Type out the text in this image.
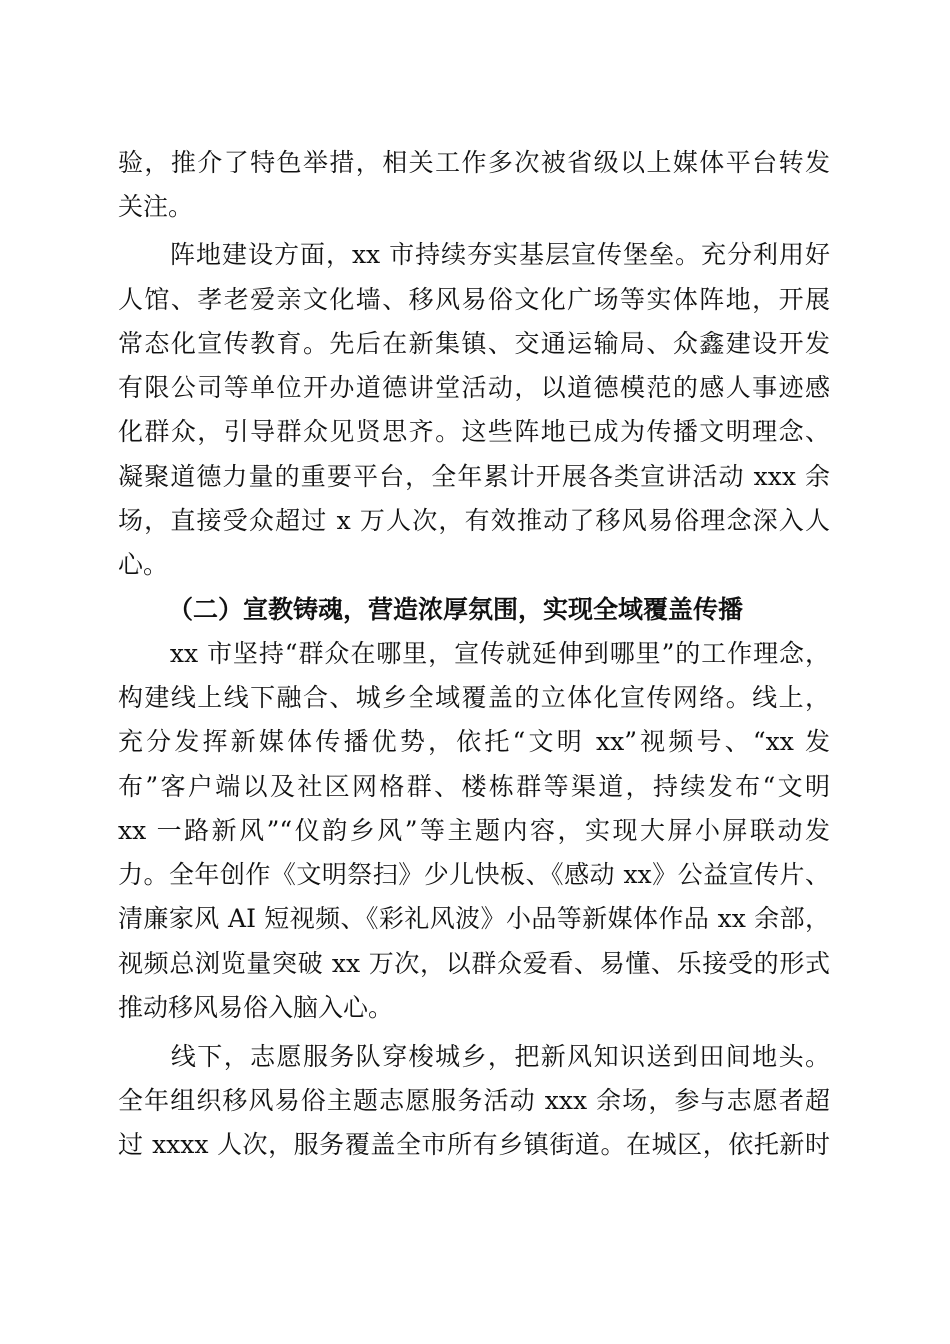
验，推介了特色举措，相关工作多次被省级以上媒体平台转发
关注。
　　阵地建设方面，xx 市持续夯实基层宣传堡垒。充分利用好
人馆、孝老爱亲文化墙、移风易俗文化广场等实体阵地，开展
常态化宣传教育。先后在新集镇、交通运输局、众鑫建设开发
有限公司等单位开办道德讲堂活动，以道德模范的感人事迹感
化群众，引导群众见贤思齐。这些阵地已成为传播文明理念、
凝聚道德力量的重要平台，全年累计开展各类宣讲活动 xxx 余
场，直接受众超过 x 万人次，有效推动了移风易俗理念深入人
心。
（二）宣教铸魂，营造浓厚氛围，实现全域覆盖传播
　　xx 市坚持“群众在哪里，宣传就延伸到哪里”的工作理念，
构建线上线下融合、城乡全域覆盖的立体化宣传网络。线上，
充分发挥新媒体传播优势，依托“文明 xx”视频号、“xx 发
布”客户端以及社区网格群、楼栋群等渠道，持续发布“文明
xx 一路新风”“仪韵乡风”等主题内容，实现大屏小屏联动发
力。全年创作《文明祭扫》少儿快板、《感动 xx》公益宣传片、
清廉家风 AI 短视频、《彩礼风波》小品等新媒体作品 xx 余部，
视频总浏览量突破 xx 万次，以群众爱看、易懂、乐接受的形式
推动移风易俗入脑入心。
　　线下，志愿服务队穿梭城乡，把新风知识送到田间地头。
全年组织移风易俗主题志愿服务活动 xxx 余场，参与志愿者超
过 xxxx 人次，服务覆盖全市所有乡镇街道。在城区，依托新时
